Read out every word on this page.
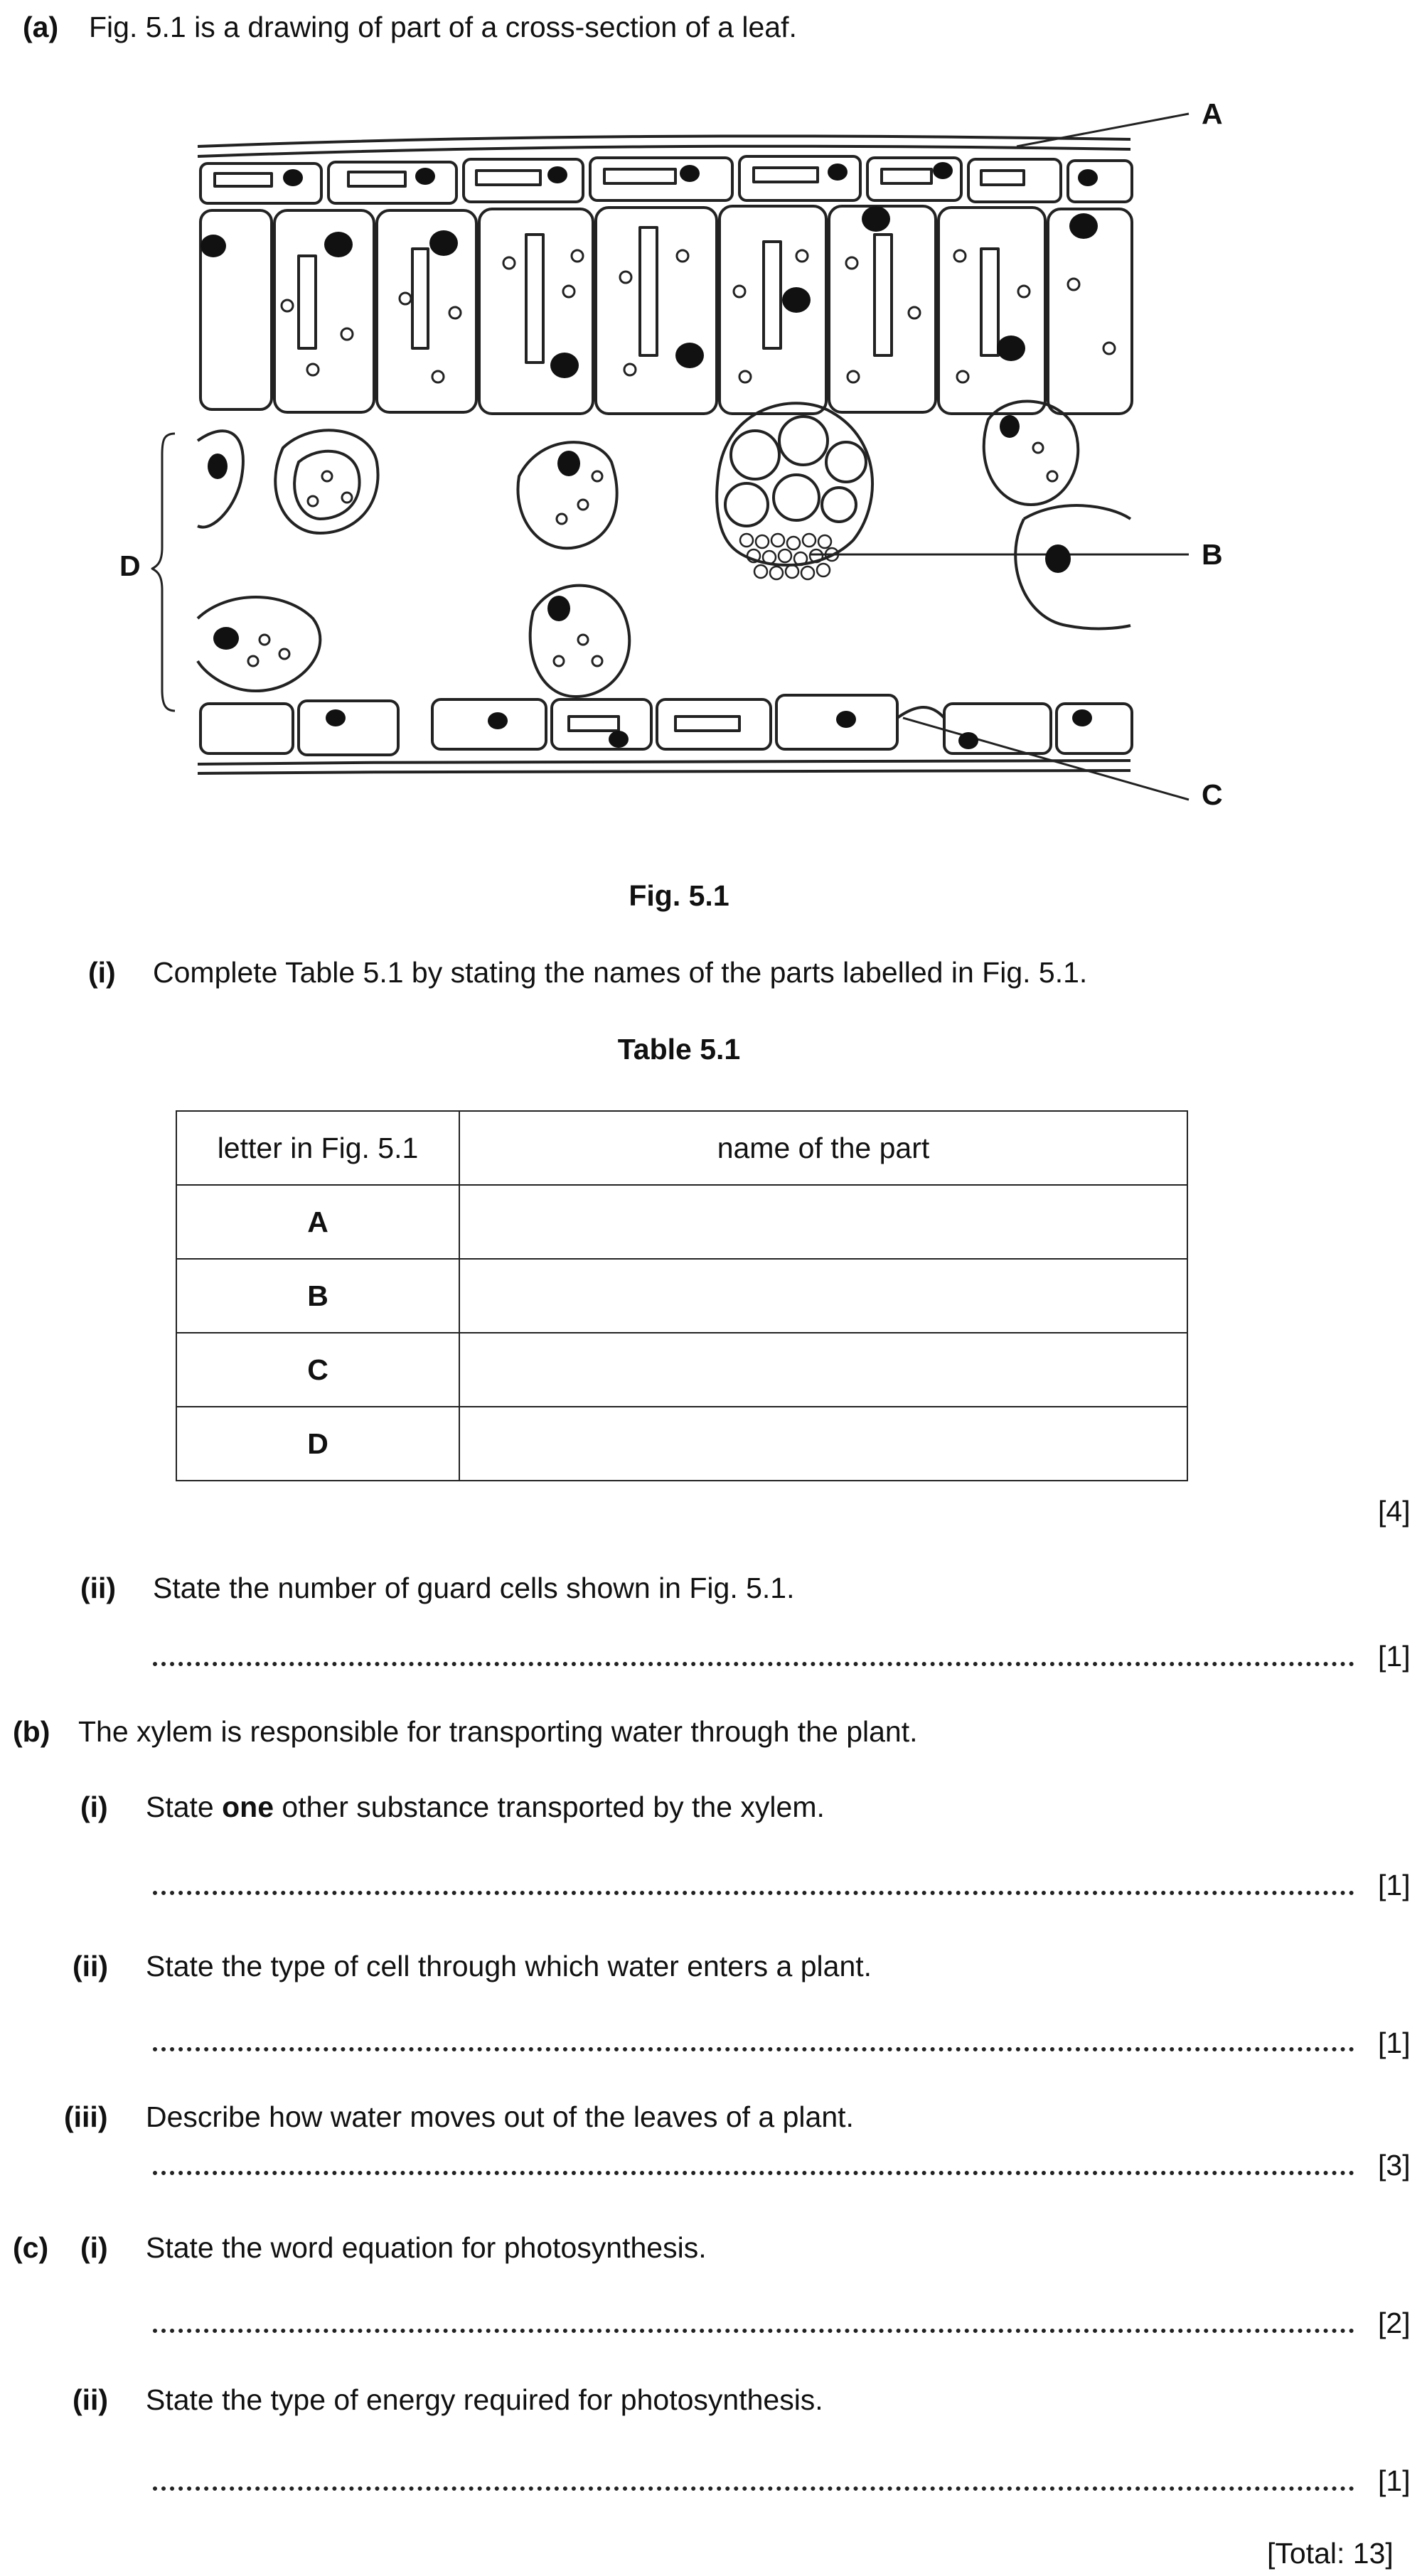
(a) Fig. 5.1 is a drawing of part of a cross-section of a leaf.
A
B
C
D
Fig. 5.1
(i) Complete Table 5.1 by stating the names of the parts labelled in Fig. 5.1.
Table 5.1
letter in Fig. 5.1	name of the part
A	
B	
C	
D	
[4]
(ii) State the number of guard cells shown in Fig. 5.1.
[1]
(b) The xylem is responsible for transporting water through the plant.
(i) State one other substance transported by the xylem.
[1]
(ii) State the type of cell through which water enters a plant.
[1]
(iii) Describe how water moves out of the leaves of a plant.
[3]
(c) (i) State the word equation for photosynthesis.
[2]
(ii) State the type of energy required for photosynthesis.
[1]
[Total: 13]
